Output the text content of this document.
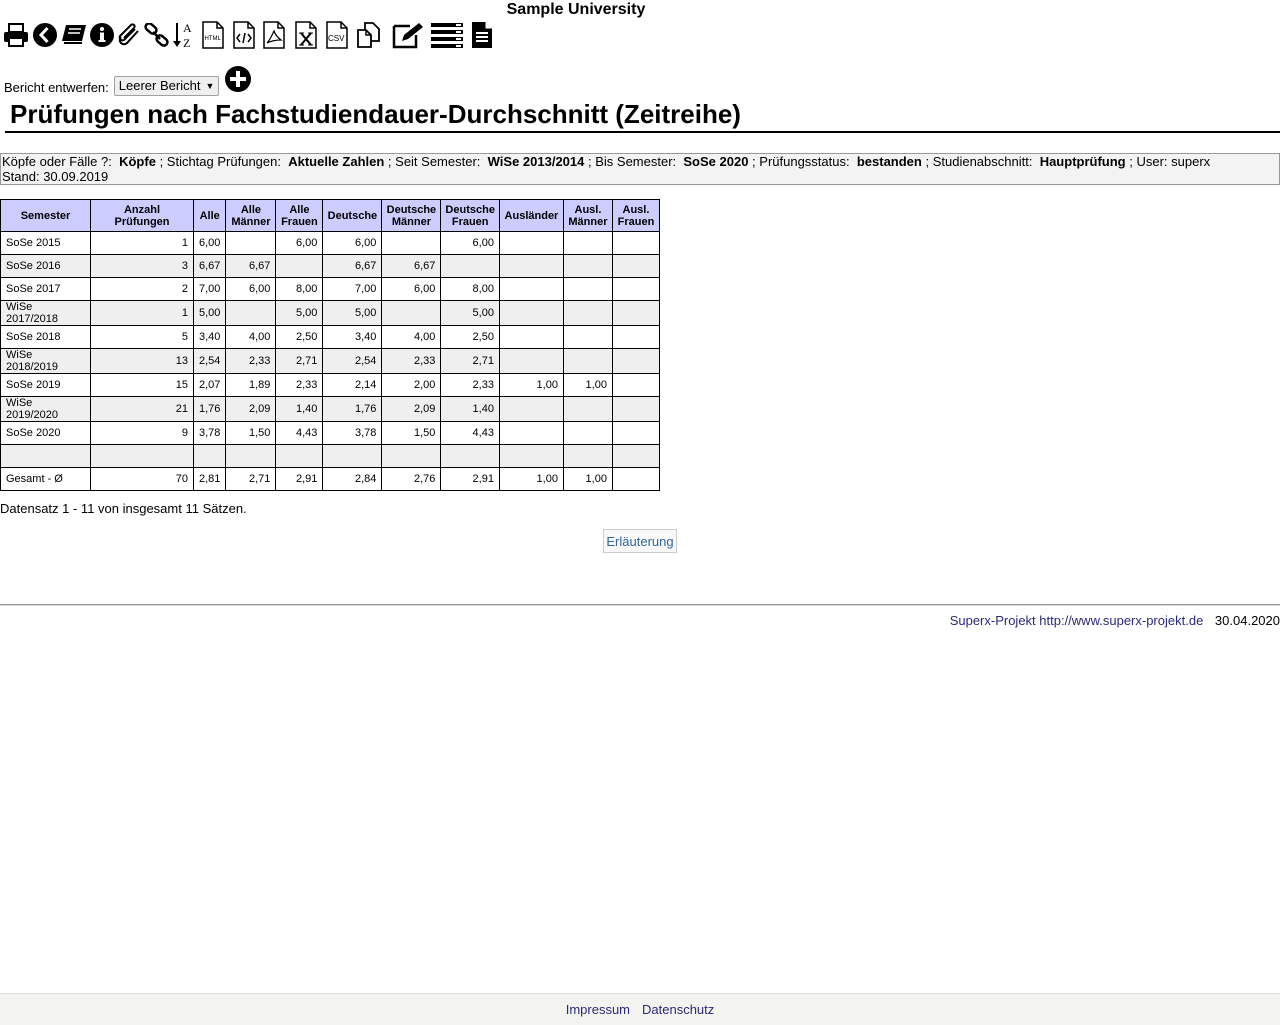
Sample University
A
Z HTML	CSV
Bericht entwerfen: Leerer Bericht ▼
Prüfungen nach Fachstudiendauer-Durchschnitt (Zeitreihe)
Köpfe oder Fälle ?: Köpfe ; Stichtag Prüfungen: Aktuelle Zahlen ; Seit Semester: WiSe 2013/2014 ; Bis Semester: SoSe 2020 ; Prüfungsstatus: bestanden ; Studienabschnitt: Hauptprüfung ; User: superx
Stand: 30.09.2019
Semester	Anzahl Prüfungen	Alle	Alle Männer	Alle Frauen	Deutsche	Deutsche Männer	Deutsche Frauen	Ausländer	Ausl. Männer	Ausl. Frauen
SoSe 2015	1	6,00		6,00	6,00		6,00			
SoSe 2016	3	6,67	6,67		6,67	6,67				
SoSe 2017	2	7,00	6,00	8,00	7,00	6,00	8,00			
WiSe 2017/2018	1	5,00		5,00	5,00		5,00			
SoSe 2018	5	3,40	4,00	2,50	3,40	4,00	2,50			
WiSe 2018/2019	13	2,54	2,33	2,71	2,54	2,33	2,71			
SoSe 2019	15	2,07	1,89	2,33	2,14	2,00	2,33	1,00	1,00	
WiSe 2019/2020	21	1,76	2,09	1,40	1,76	2,09	1,40			
SoSe 2020	9	3,78	1,50	4,43	3,78	1,50	4,43			

Gesamt - Ø	70	2,81	2,71	2,91	2,84	2,76	2,91	1,00	1,00	
Datensatz 1 - 11 von insgesamt 11 Sätzen.
Erläuterung
Superx-Projekt http://www.superx-projekt.de 30.04.2020
Impressum Datenschutz
